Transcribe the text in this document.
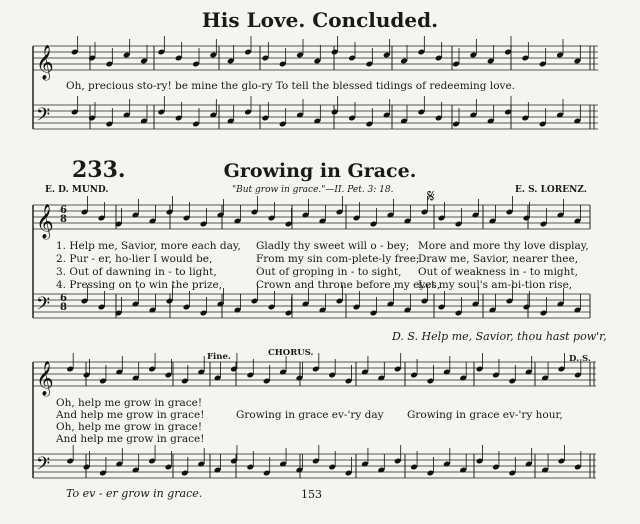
His Love. Concluded.
233.	Growing in Grace.
E. D. MUND.	"But grow in grace."—II. Pet. 3: 18.	E. S. LORENZ.
𝄋
Oh, precious sto-ry! be mine the glo-ry To tell the blessed tidings of redeeming love.
6
8
6
8
1. Help me, Savior, more each day, Gladly thy sweet will o - bey; More and more thy love display,
2. Pur - er, ho-lier I would be,	From my sin com-plete-ly free;
Draw me, Savior, nearer thee,
3. Out of dawning in - to light,	Out of groping in - to sight, Out of weakness in - to might,
4. Pressing on to win the prize,	Crown and throne before my eyes,
Let my soul's am-bi-tion rise,
D. S. Help me, Savior, thou hast pow'r,
Fine.	CHORUS.
D. S.
Oh, help me grow in grace!
And help me grow in grace!
Oh, help me grow in grace!
And help me grow in grace!
Growing in grace ev-'ry day Growing in grace ev-'ry hour,
To ev - er grow in grace.	153
𝄞
𝄢
𝄞
𝄢
𝄞
𝄢
